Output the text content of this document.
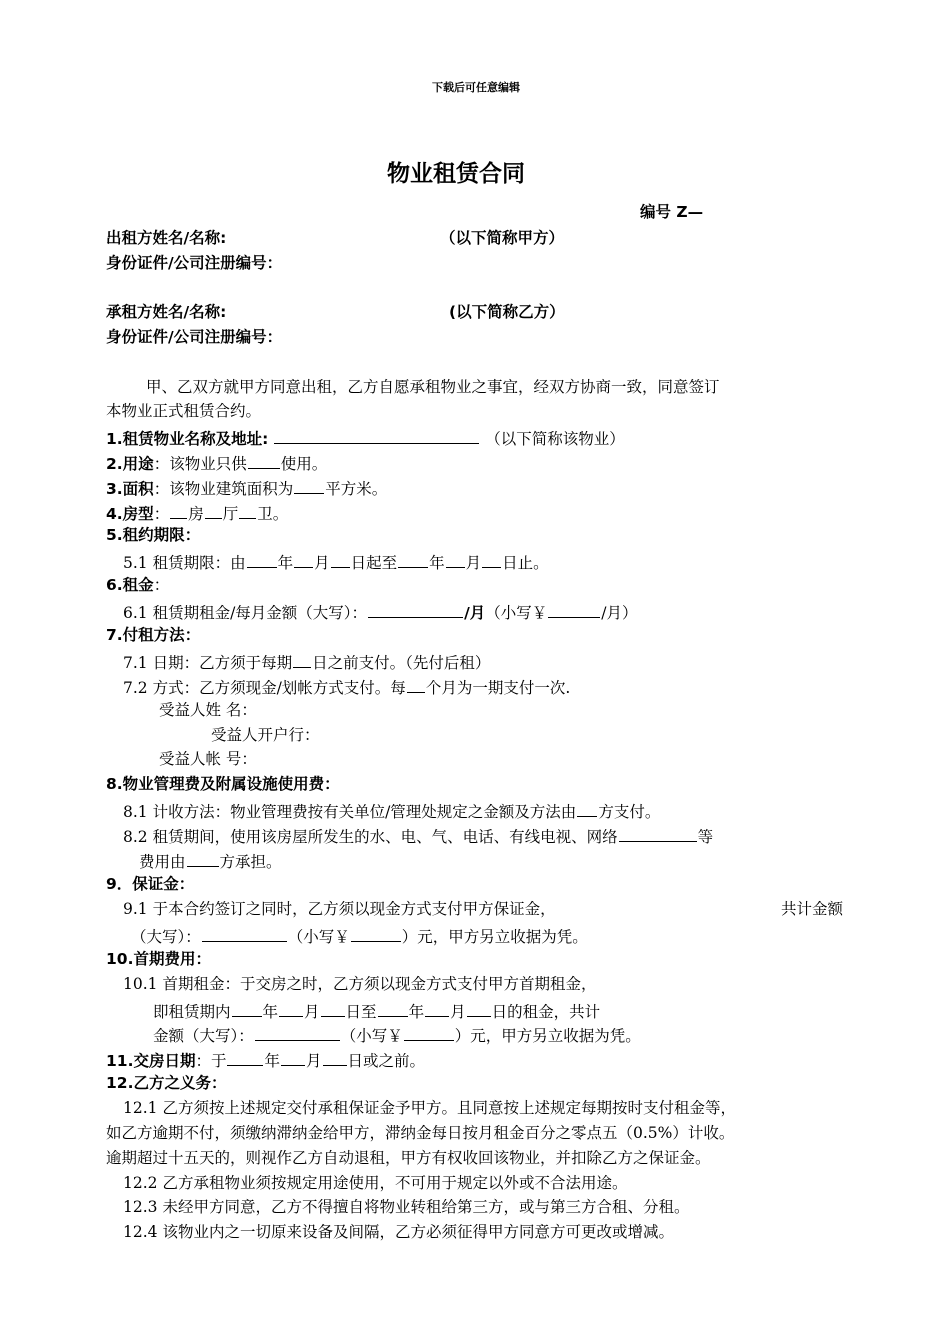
下载后可任意编辑
物业租赁合同
编号 Z—
出租方姓名/名称:	（以下简称甲方）
身份证件/公司注册编号：
承租方姓名/名称:	(以下简称乙方）
身份证件/公司注册编号：
甲、乙双方就甲方同意出租，乙方自愿承租物业之事宜，经双方协商一致，同意签订
本物业正式租赁合约。
1.租赁物业名称及地址:	（以下简称该物业）
2.用途：该物业只供 使用。
3.面积：该物业建筑面积为 平方米。
4.房型： 房 厅 卫。
5.租约期限：
5.1 租赁期限：由 年 月 日起至 年 月 日止。
6.租金：
6.1 租赁期租金/每月金额（大写）：	/月（小写￥	/月）
7.付租方法：
7.1 日期：乙方须于每期 日之前支付。（先付后租）
7.2 方式：乙方须现金/划帐方式支付。每 个月为一期支付一次.
受益人姓 名：
受益人开户行：
受益人帐 号：
8.物业管理费及附属设施使用费：
8.1 计收方法：物业管理费按有关单位/管理处规定之金额及方法由 方支付。
8.2 租赁期间，使用该房屋所发生的水、电、气、电话、有线电视、网络	等
费用由 方承担。
9．保证金：
9.1 于本合约签订之同时，乙方须以现金方式支付甲方保证金，	共计金额
（大写）：	（小写￥	）元，甲方另立收据为凭。
10.首期费用：
10.1 首期租金：于交房之时，乙方须以现金方式支付甲方首期租金，
即租赁期内 年 月 日至 年 月 日的租金，共计
金额（大写）：	（小写￥	）元，甲方另立收据为凭。
11.交房日期：于 年 月 日或之前。
12.乙方之义务：
12.1 乙方须按上述规定交付承租保证金予甲方。且同意按上述规定每期按时支付租金等，
如乙方逾期不付，须缴纳滞纳金给甲方，滞纳金每日按月租金百分之零点五（0.5%）计收。
逾期超过十五天的，则视作乙方自动退租，甲方有权收回该物业，并扣除乙方之保证金。
12.2 乙方承租物业须按规定用途使用，不可用于规定以外或不合法用途。
12.3 未经甲方同意，乙方不得擅自将物业转租给第三方，或与第三方合租、分租。
12.4 该物业内之一切原来设备及间隔，乙方必须征得甲方同意方可更改或增减。
